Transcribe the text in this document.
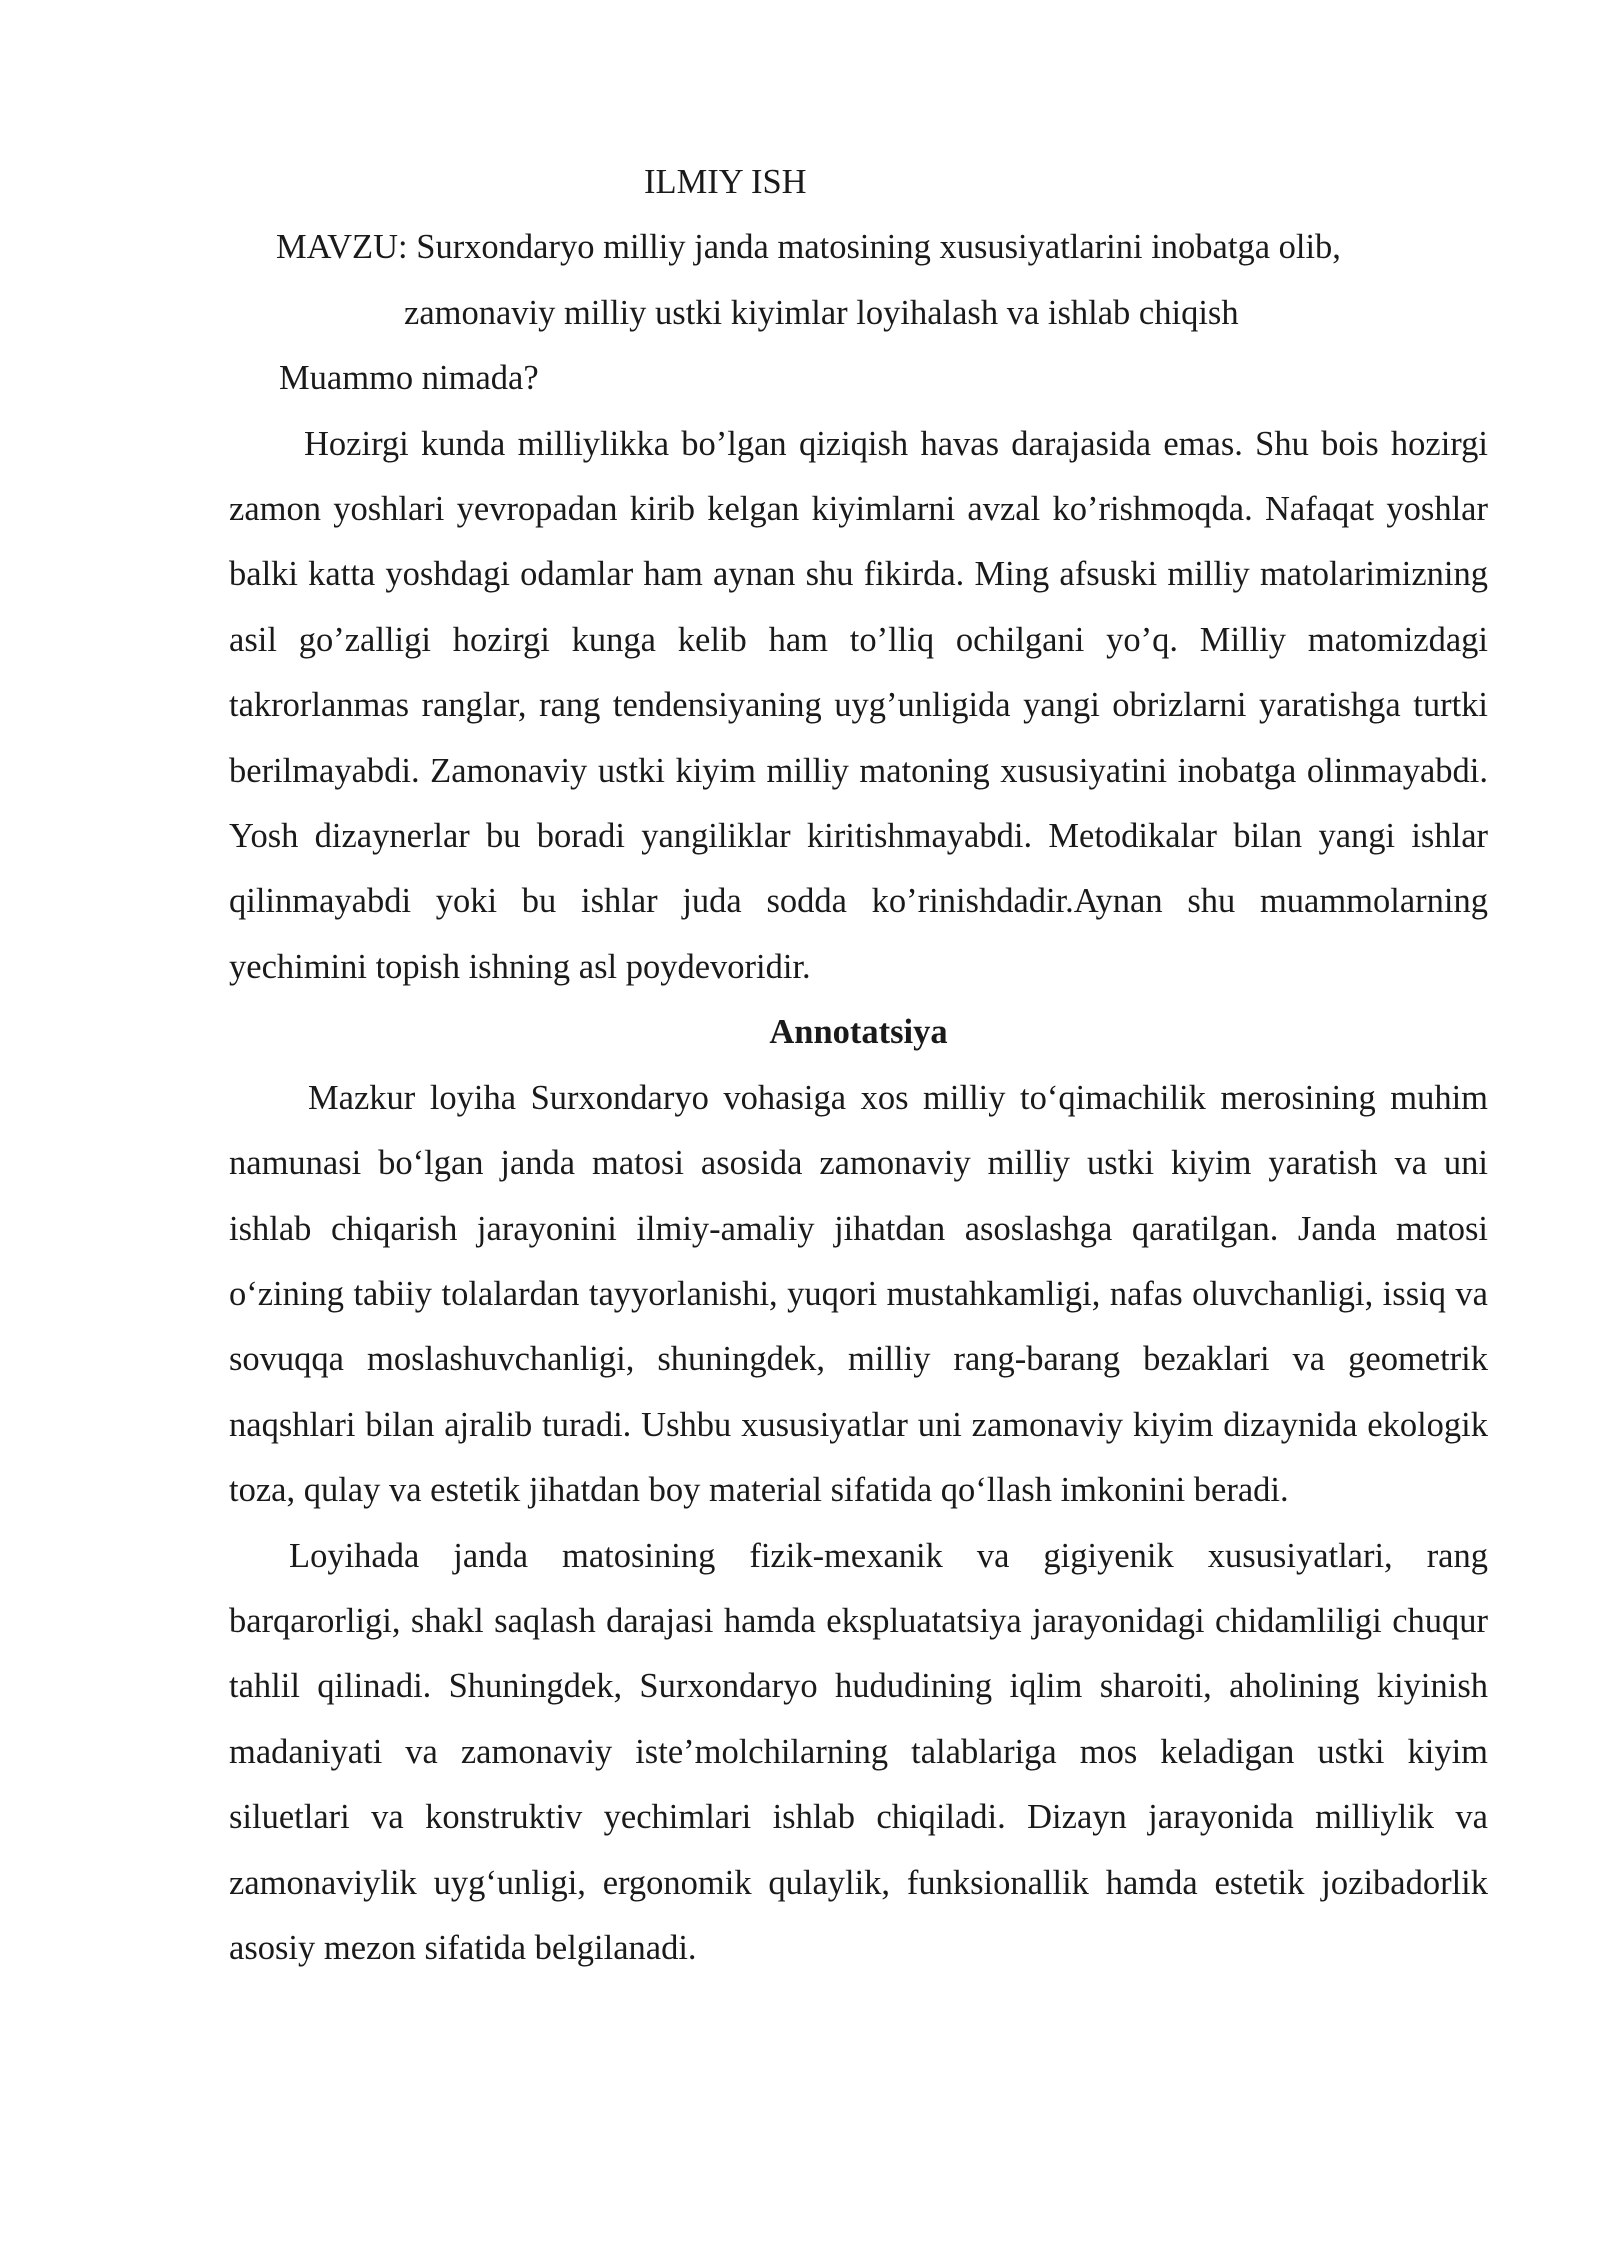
ILMIY ISH

MAVZU: Surxondaryo milliy janda matosining xususiyatlarini inobatga olib,

zamonaviy milliy ustki kiyimlar loyihalash va ishlab chiqish

Muammo nimada?

Hozirgi kunda milliylikka bo’lgan qiziqish havas darajasida emas. Shu bois hozirgi zamon yoshlari yevropadan kirib kelgan kiyimlarni avzal ko’rishmoqda. Nafaqat yoshlar balki katta yoshdagi odamlar ham aynan shu fikirda. Ming afsuski milliy matolarimizning asil go’zalligi hozirgi kunga kelib ham to’lliq ochilgani yo’q. Milliy matomizdagi takrorlanmas ranglar, rang tendensiyaning uyg’unligida yangi obrizlarni yaratishga turtki berilmayabdi. Zamonaviy ustki kiyim milliy matoning xususiyatini inobatga olinmayabdi. Yosh dizaynerlar bu boradi yangiliklar kiritishmayabdi. Metodikalar bilan yangi ishlar qilinmayabdi yoki bu ishlar juda sodda ko’rinishdadir.Aynan shu muammolarning yechimini topish ishning asl poydevoridir.

Annotatsiya

Mazkur loyiha Surxondaryo vohasiga xos milliy to‘qimachilik merosining muhim namunasi bo‘lgan janda matosi asosida zamonaviy milliy ustki kiyim yaratish va uni ishlab chiqarish jarayonini ilmiy-amaliy jihatdan asoslashga qaratilgan. Janda matosi o‘zining tabiiy tolalardan tayyorlanishi, yuqori mustahkamligi, nafas oluvchanligi, issiq va sovuqqa moslashuvchanligi, shuningdek, milliy rang-barang bezaklari va geometrik naqshlari bilan ajralib turadi. Ushbu xususiyatlar uni zamonaviy kiyim dizaynida ekologik toza, qulay va estetik jihatdan boy material sifatida qo‘llash imkonini beradi.

Loyihada janda matosining fizik-mexanik va gigiyenik xususiyatlari, rang barqarorligi, shakl saqlash darajasi hamda ekspluatatsiya jarayonidagi chidamliligi chuqur tahlil qilinadi. Shuningdek, Surxondaryo hududining iqlim sharoiti, aholining kiyinish madaniyati va zamonaviy iste’molchilarning talablariga mos keladigan ustki kiyim siluetlari va konstruktiv yechimlari ishlab chiqiladi. Dizayn jarayonida milliylik va zamonaviylik uyg‘unligi, ergonomik qulaylik, funksionallik hamda estetik jozibadorlik asosiy mezon sifatida belgilanadi.
